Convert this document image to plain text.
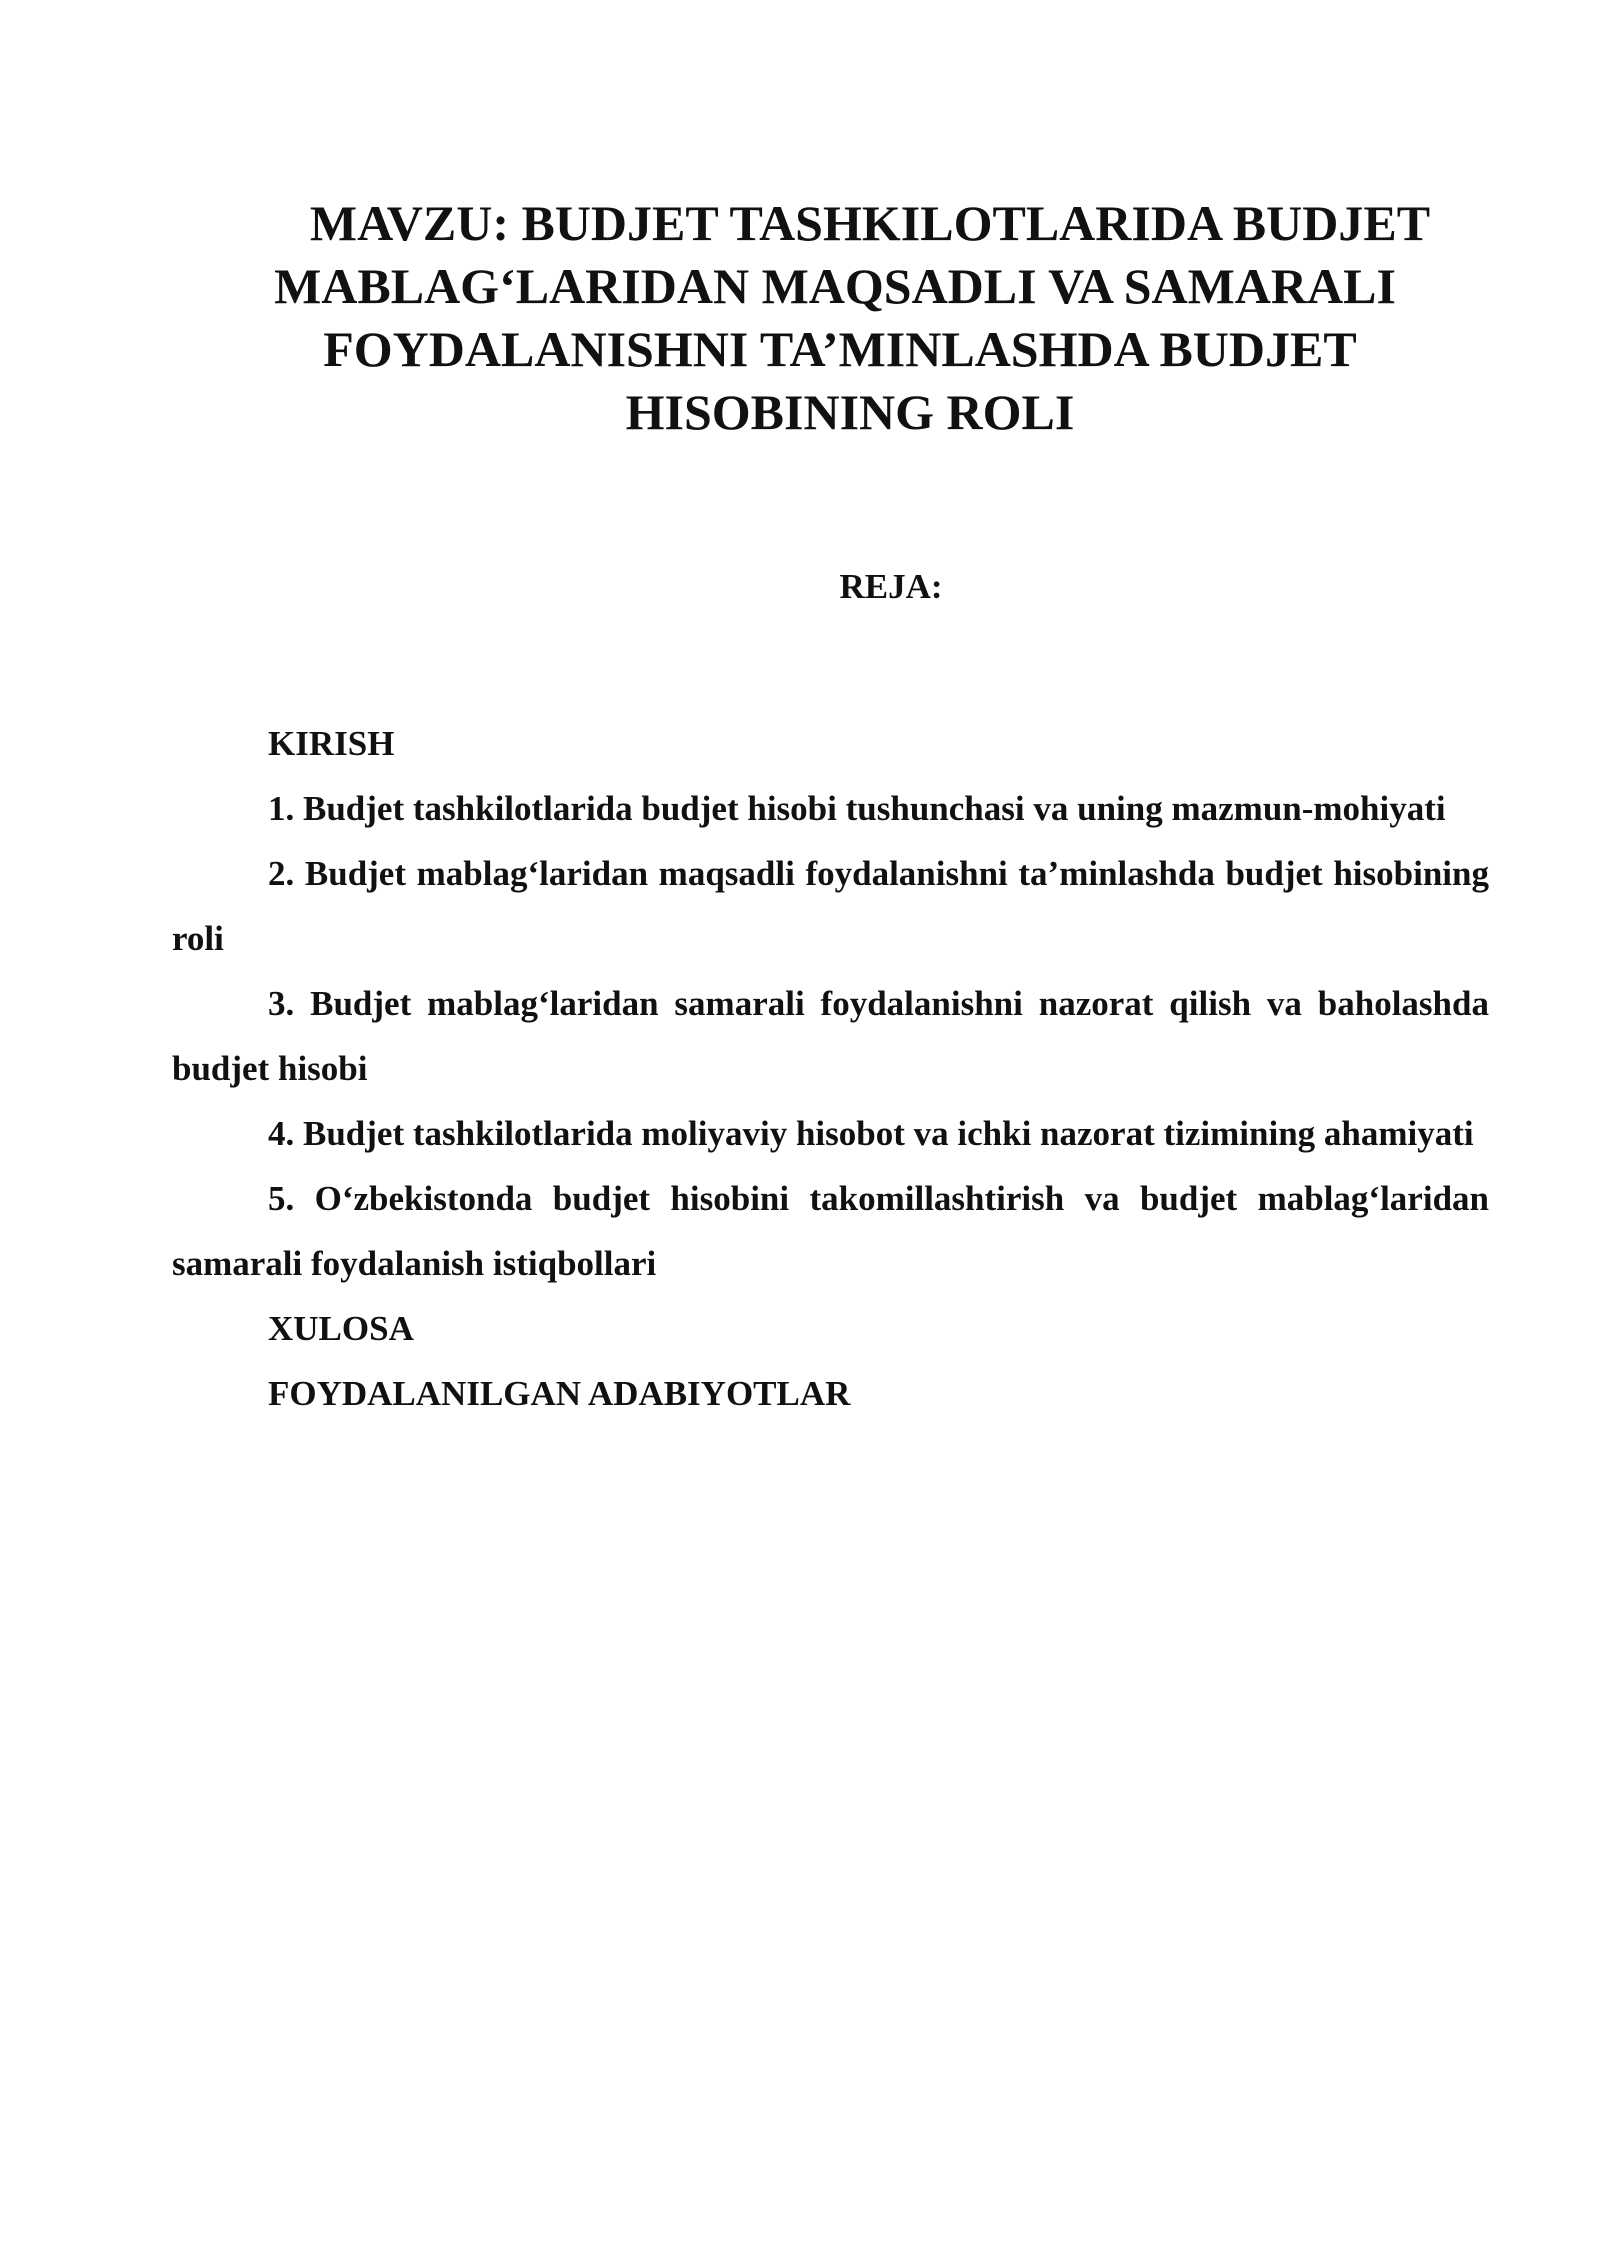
MAVZU: BUDJET TASHKILOTLARIDA BUDJET
MABLAG‘LARIDAN MAQSADLI VA SAMARALI
FOYDALANISHNI TA’MINLASHDA BUDJET
HISOBINING ROLI
REJA:
KIRISH

1. Budjet tashkilotlarida budjet hisobi tushunchasi va uning mazmun-mohiyati

2. Budjet mablag‘laridan maqsadli foydalanishni ta’minlashda budjet hisobining roli

3. Budjet mablag‘laridan samarali foydalanishni nazorat qilish va baholashda budjet hisobi

4. Budjet tashkilotlarida moliyaviy hisobot va ichki nazorat tizimining ahamiyati

5. O‘zbekistonda budjet hisobini takomillashtirish va budjet mablag‘laridan samarali foydalanish istiqbollari

XULOSA
FOYDALANILGAN ADABIYOTLAR
